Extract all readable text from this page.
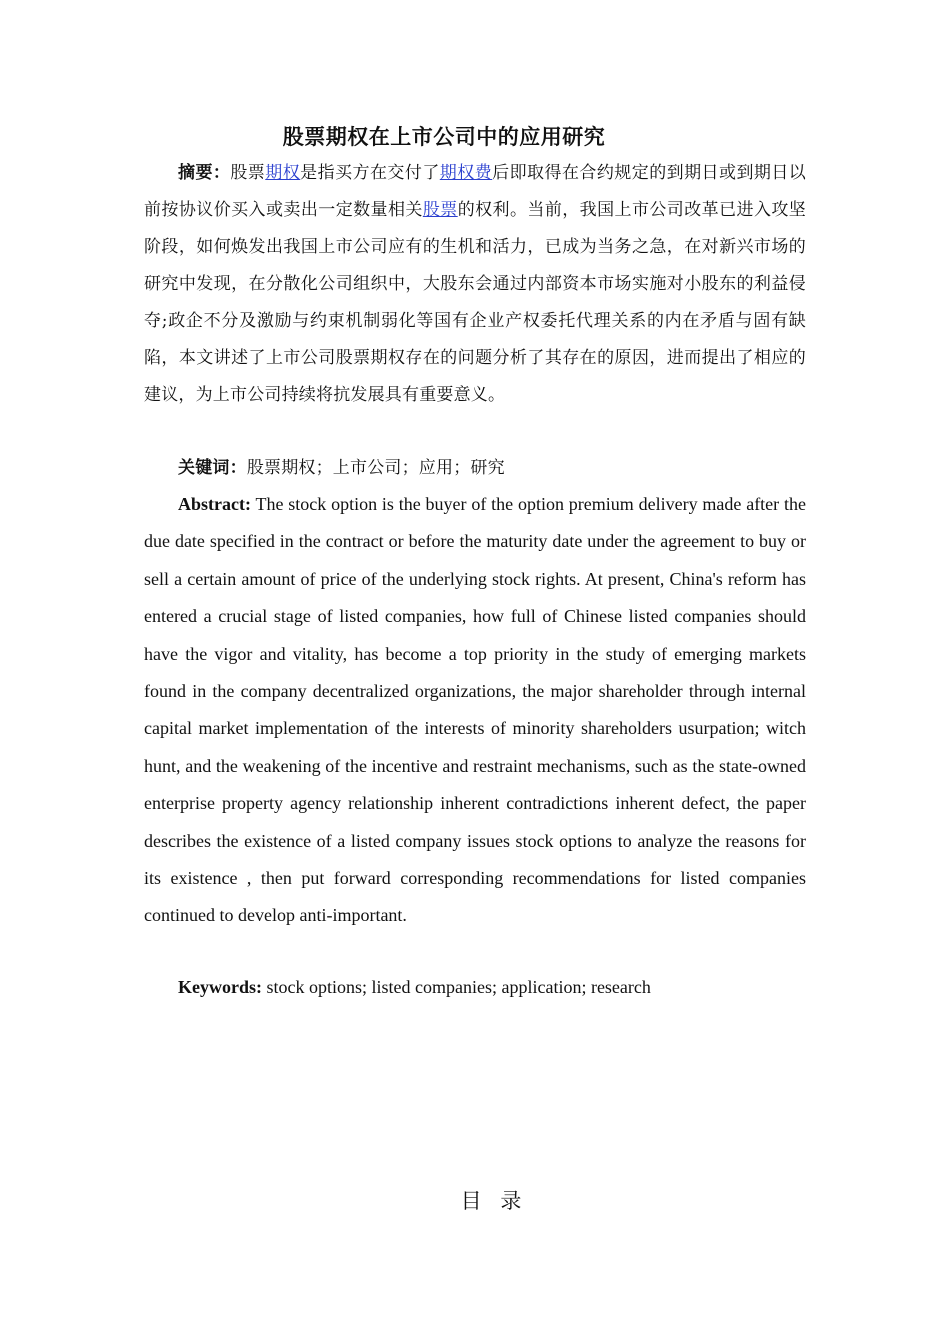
股票期权在上市公司中的应用研究

摘要：股票期权是指买方在交付了期权费后即取得在合约规定的到期日或到期日以前按协议价买入或卖出一定数量相关股票的权利。当前，我国上市公司改革已进入攻坚阶段，如何焕发出我国上市公司应有的生机和活力，已成为当务之急，在对新兴市场的研究中发现，在分散化公司组织中，大股东会通过内部资本市场实施对小股东的利益侵夺;政企不分及激励与约束机制弱化等国有企业产权委托代理关系的内在矛盾与固有缺陷，本文讲述了上市公司股票期权存在的问题分析了其存在的原因，进而提出了相应的建议，为上市公司持续将抗发展具有重要意义。

关键词：股票期权；上市公司；应用；研究

Abstract: The stock option is the buyer of the option premium delivery made after the due date specified in the contract or before the maturity date under the agreement to buy or sell a certain amount of price of the underlying stock rights. At present, China's reform has entered a crucial stage of listed companies, how full of Chinese listed companies should have the vigor and vitality, has become a top priority in the study of emerging markets found in the company decentralized organizations, the major shareholder through internal capital market implementation of the interests of minority shareholders usurpation; witch hunt, and the weakening of the incentive and restraint mechanisms, such as the state-owned enterprise property agency relationship inherent contradictions inherent defect, the paper describes the existence of a listed company issues stock options to analyze the reasons for its existence , then put forward corresponding recommendations for listed companies continued to develop anti-important.

Keywords: stock options; listed companies; application; research

目 录
